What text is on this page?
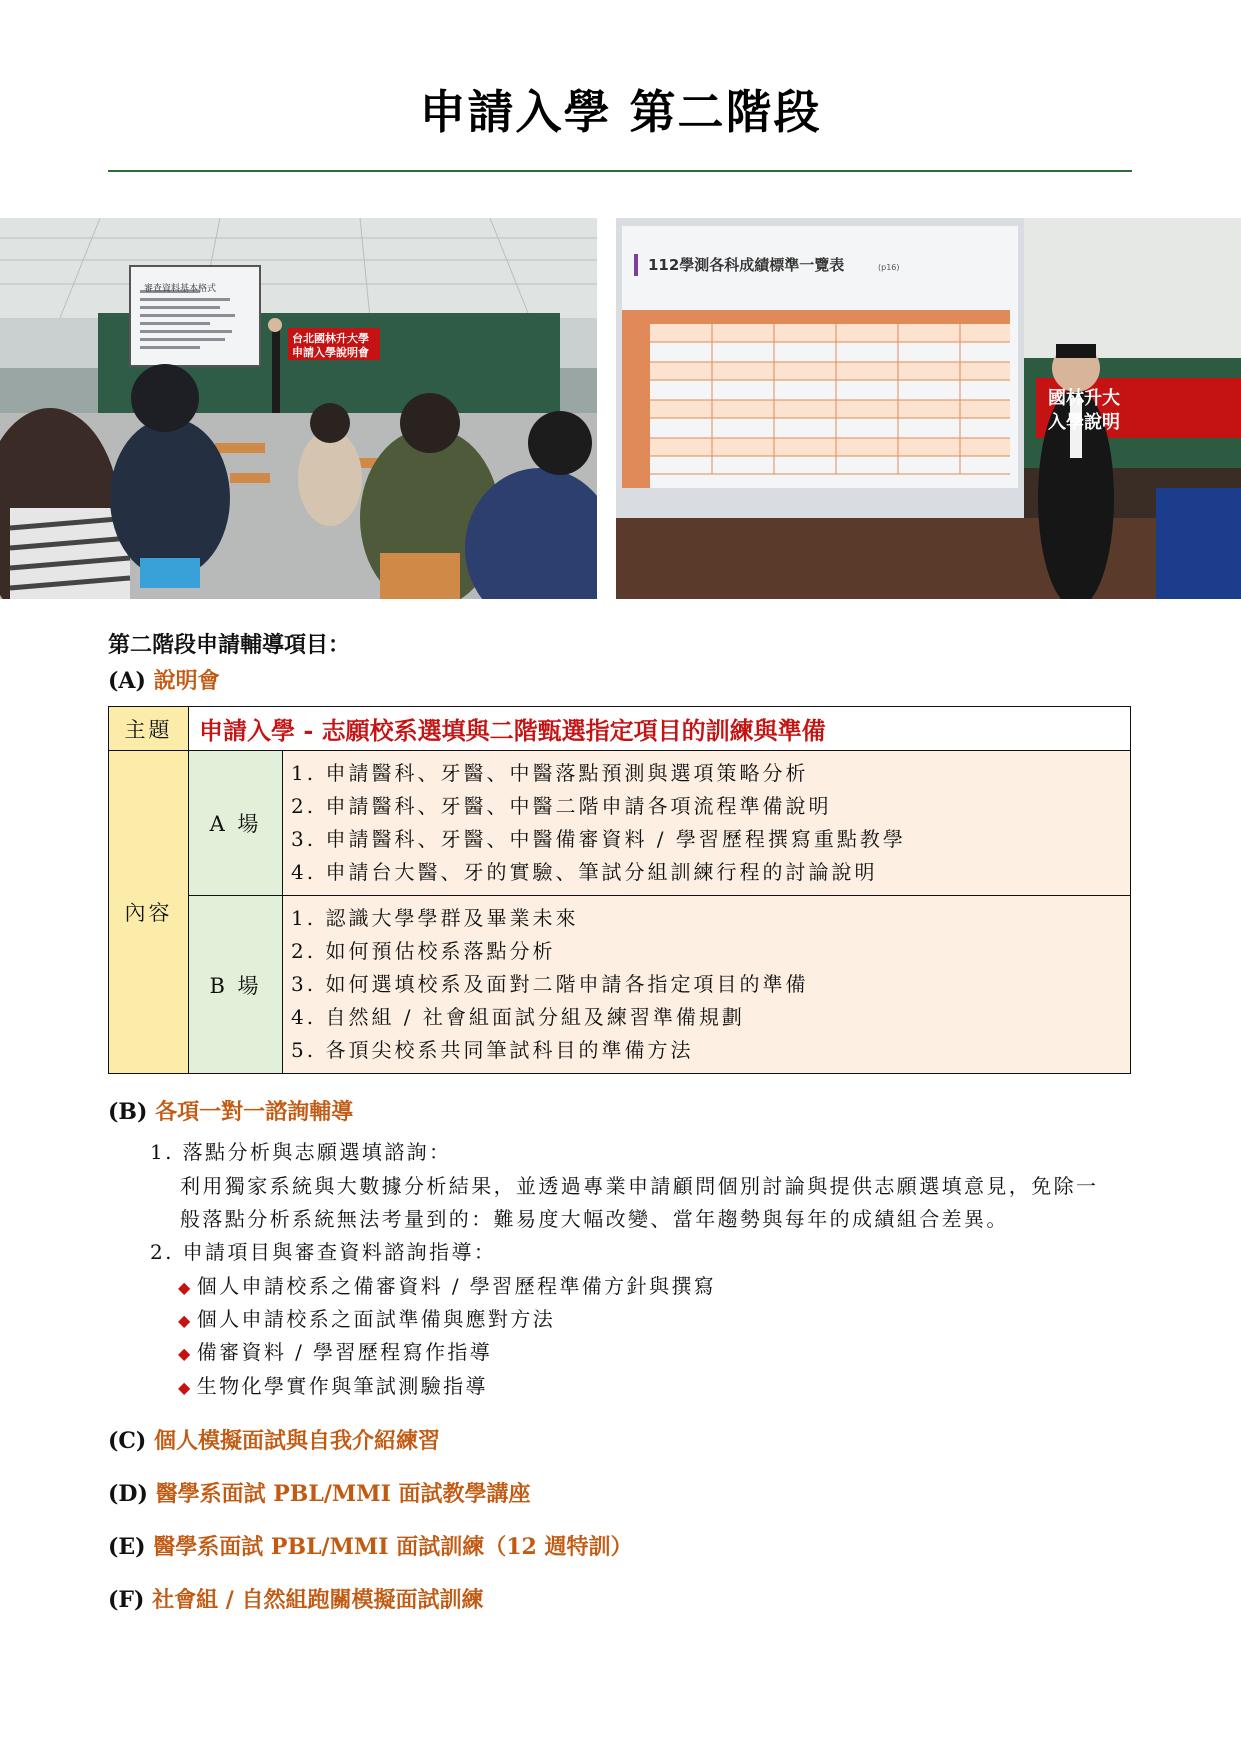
申請入學 第二階段
審查資料基本格式
台北國林升大學
申請入學說明會
112學測各科成績標準一覽表	(p16)
國林升大
入學說明
第二階段申請輔導項目：
(A) 說明會
主題	申請入學 - 志願校系選填與二階甄選指定項目的訓練與準備	
內容	A 場	1. 申請醫科、牙醫、中醫落點預測與選項策略分析
2. 申請醫科、牙醫、中醫二階申請各項流程準備說明
3. 申請醫科、牙醫、中醫備審資料 / 學習歷程撰寫重點教學
4. 申請台大醫、牙的實驗、筆試分組訓練行程的討論說明

	B 場	1. 認識大學學群及畢業未來
2. 如何預估校系落點分析
3. 如何選填校系及面對二階申請各指定項目的準備
4. 自然組 / 社會組面試分組及練習準備規劃
5. 各頂尖校系共同筆試科目的準備方法
(B) 各項一對一諮詢輔導
1. 落點分析與志願選填諮詢：
利用獨家系統與大數據分析結果，並透過專業申請顧問個別討論與提供志願選填意見，免除一
般落點分析系統無法考量到的：難易度大幅改變、當年趨勢與每年的成績組合差異。
2. 申請項目與審查資料諮詢指導：
◆ 個人申請校系之備審資料 / 學習歷程準備方針與撰寫
◆ 個人申請校系之面試準備與應對方法
◆ 備審資料 / 學習歷程寫作指導
◆ 生物化學實作與筆試測驗指導
(C) 個人模擬面試與自我介紹練習
(D) 醫學系面試 PBL/MMI 面試教學講座
(E) 醫學系面試 PBL/MMI 面試訓練（12 週特訓）
(F) 社會組 / 自然組跑關模擬面試訓練
